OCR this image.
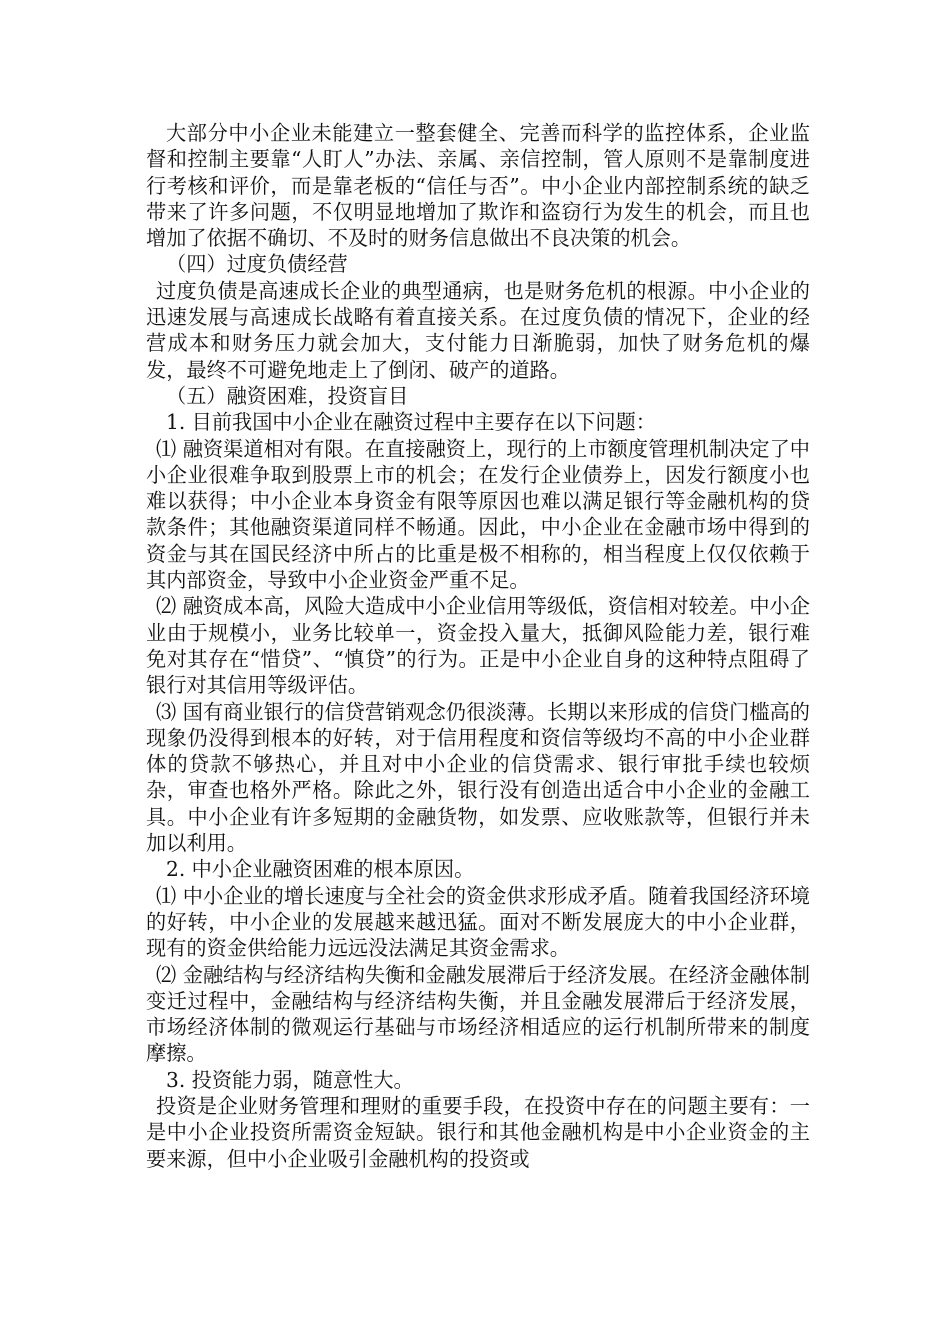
大部分中小企业未能建立一整套健全、完善而科学的监控体系，企业监督和控制主要靠“人盯人”办法、亲属、亲信控制，管人原则不是靠制度进行考核和评价，而是靠老板的“信任与否”。中小企业内部控制系统的缺乏带来了许多问题，不仅明显地增加了欺诈和盗窃行为发生的机会，而且也增加了依据不确切、不及时的财务信息做出不良决策的机会。

（四）过度负债经营

过度负债是高速成长企业的典型通病，也是财务危机的根源。中小企业的迅速发展与高速成长战略有着直接关系。在过度负债的情况下，企业的经营成本和财务压力就会加大，支付能力日渐脆弱，加快了财务危机的爆发，最终不可避免地走上了倒闭、破产的道路。

（五）融资困难，投资盲目

1. 目前我国中小企业在融资过程中主要存在以下问题：

⑴ 融资渠道相对有限。在直接融资上，现行的上市额度管理机制决定了中小企业很难争取到股票上市的机会；在发行企业债券上，因发行额度小也难以获得；中小企业本身资金有限等原因也难以满足银行等金融机构的贷款条件；其他融资渠道同样不畅通。因此，中小企业在金融市场中得到的资金与其在国民经济中所占的比重是极不相称的，相当程度上仅仅依赖于其内部资金，导致中小企业资金严重不足。

⑵ 融资成本高，风险大造成中小企业信用等级低，资信相对较差。中小企业由于规模小，业务比较单一，资金投入量大，抵御风险能力差，银行难免对其存在“惜贷”、“慎贷”的行为。正是中小企业自身的这种特点阻碍了银行对其信用等级评估。

⑶ 国有商业银行的信贷营销观念仍很淡薄。长期以来形成的信贷门槛高的现象仍没得到根本的好转，对于信用程度和资信等级均不高的中小企业群体的贷款不够热心，并且对中小企业的信贷需求、银行审批手续也较烦杂，审查也格外严格。除此之外，银行没有创造出适合中小企业的金融工具。中小企业有许多短期的金融货物，如发票、应收账款等，但银行并未加以利用。

2. 中小企业融资困难的根本原因。

⑴ 中小企业的增长速度与全社会的资金供求形成矛盾。随着我国经济环境的好转，中小企业的发展越来越迅猛。面对不断发展庞大的中小企业群，现有的资金供给能力远远没法满足其资金需求。

⑵ 金融结构与经济结构失衡和金融发展滞后于经济发展。在经济金融体制变迁过程中，金融结构与经济结构失衡，并且金融发展滞后于经济发展，市场经济体制的微观运行基础与市场经济相适应的运行机制所带来的制度摩擦。

3. 投资能力弱，随意性大。

投资是企业财务管理和理财的重要手段，在投资中存在的问题主要有：一是中小企业投资所需资金短缺。银行和其他金融机构是中小企业资金的主要来源，但中小企业吸引金融机构的投资或
